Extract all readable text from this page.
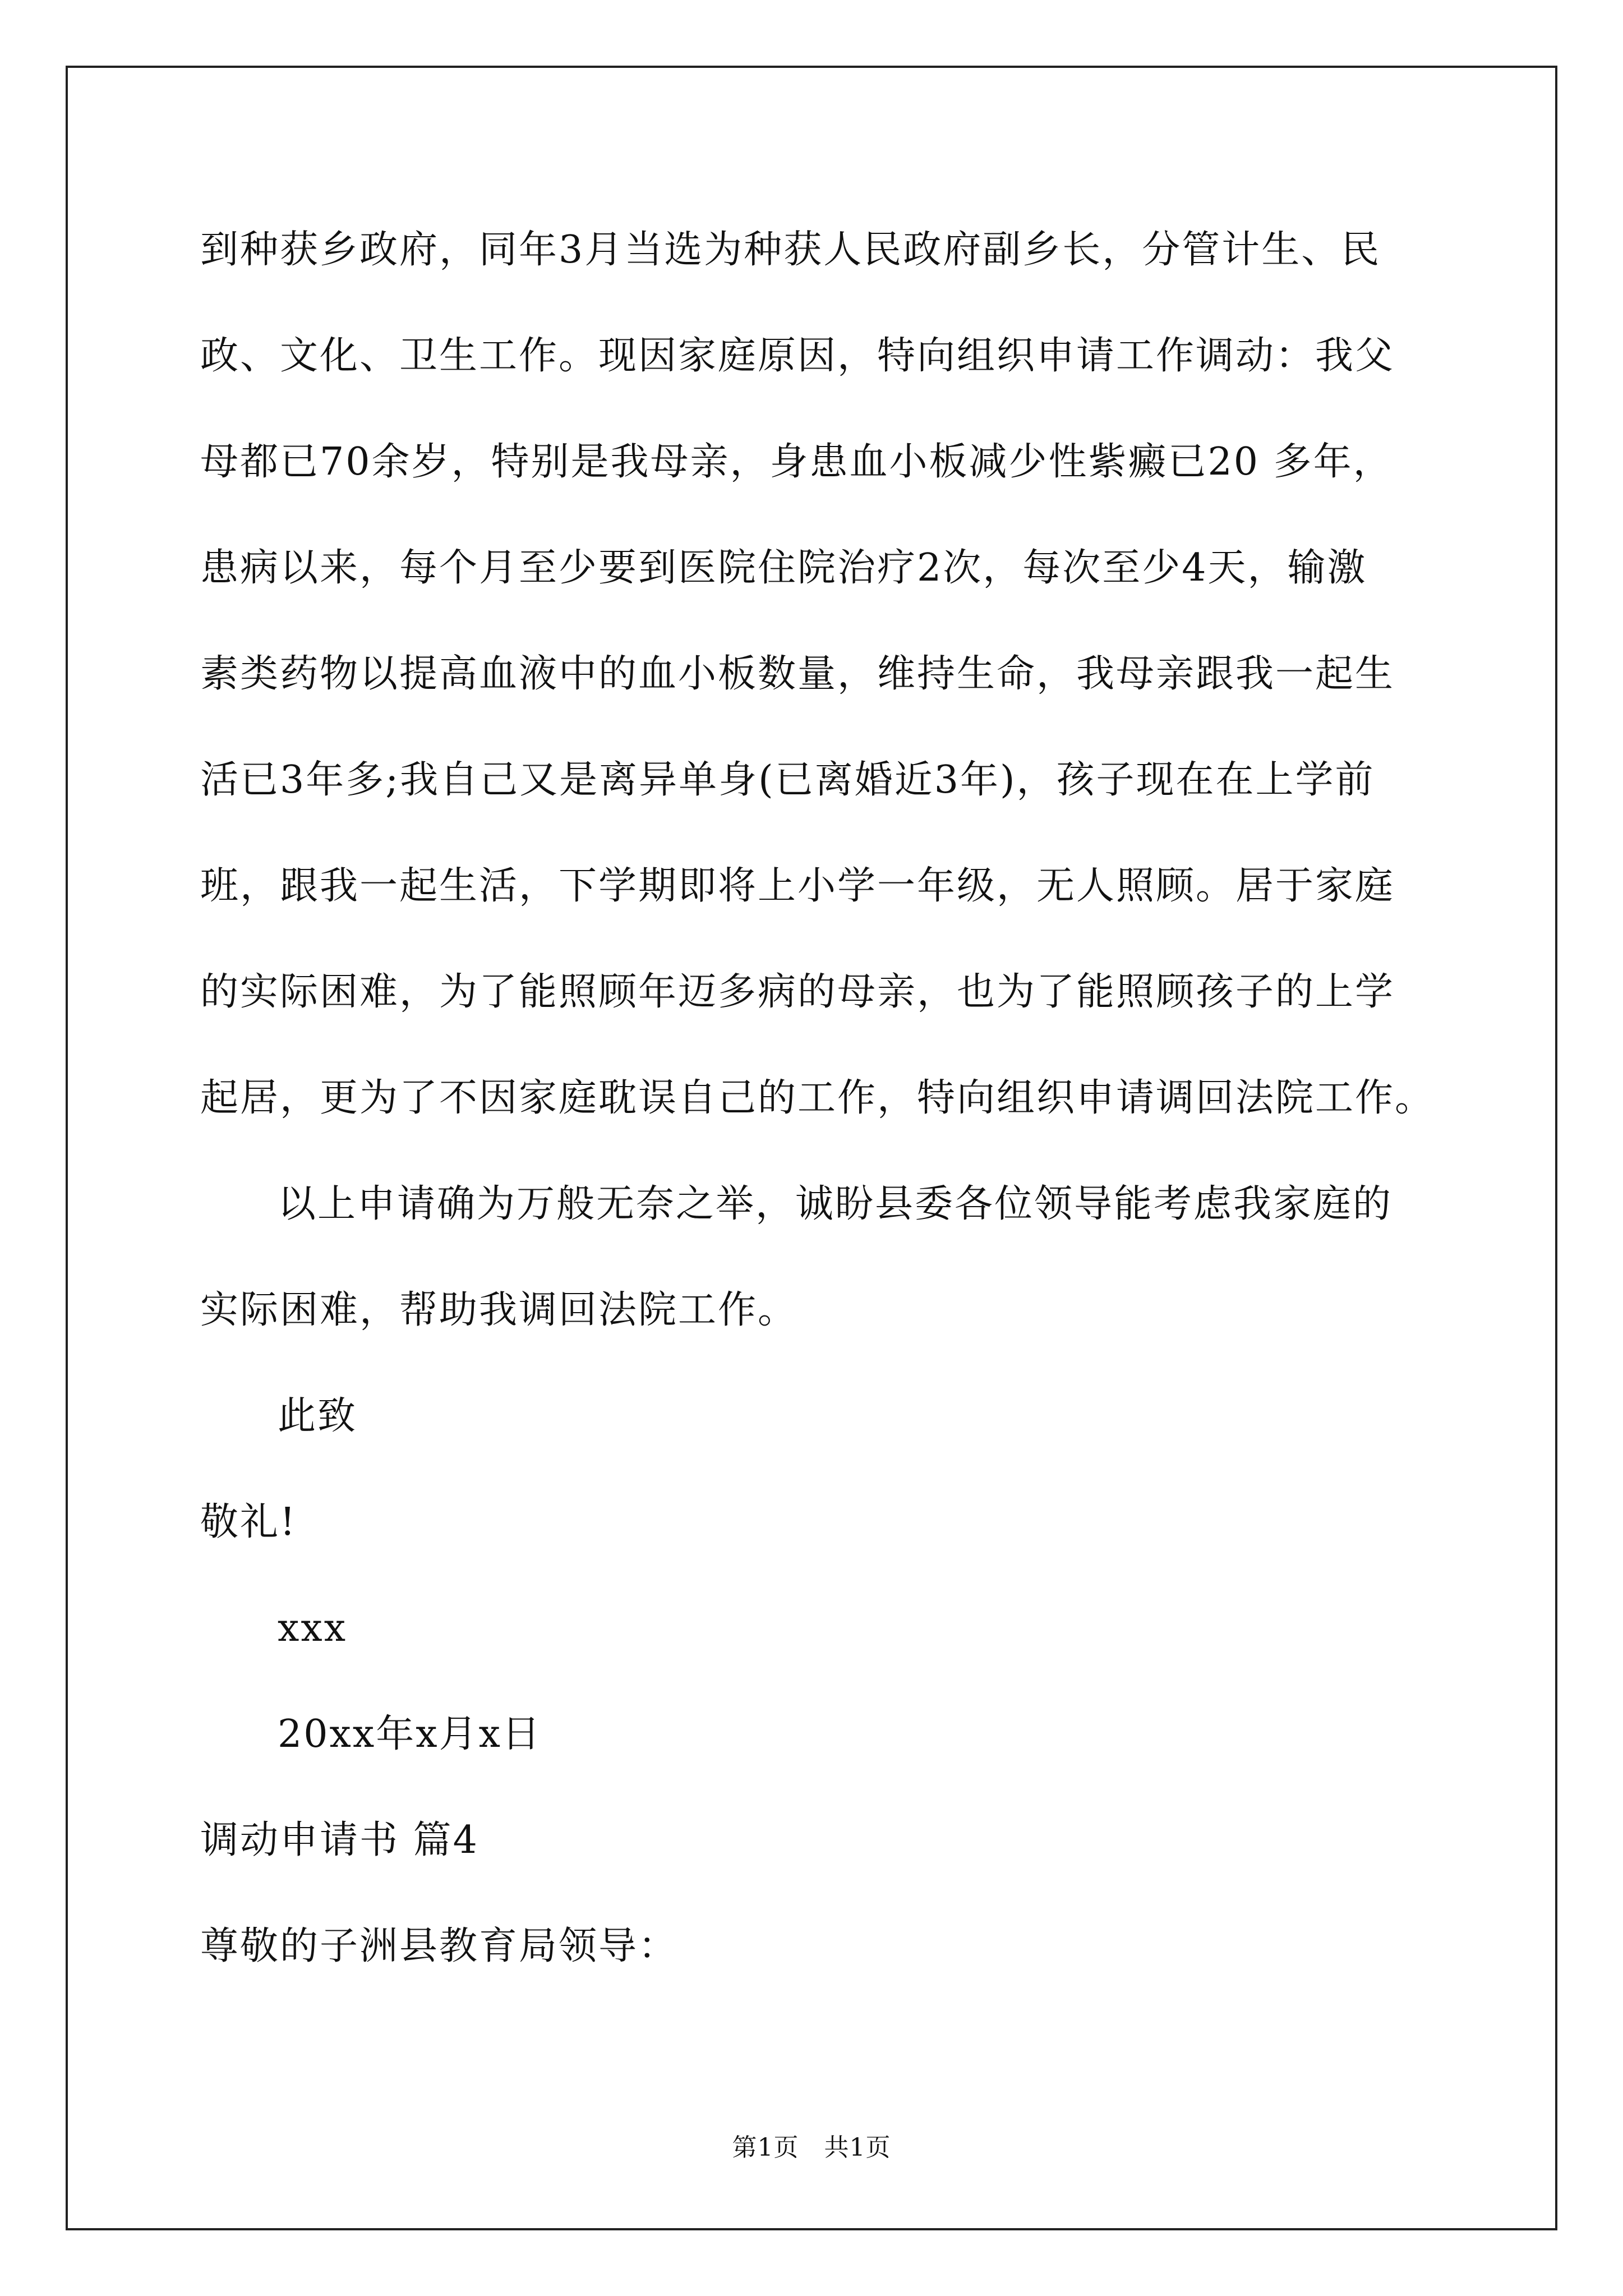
到种获乡政府，同年3月当选为种获人民政府副乡长，分管计生、民
政、文化、卫生工作。现因家庭原因，特向组织申请工作调动：我父
母都已70余岁，特别是我母亲，身患血小板减少性紫癜已20 多年，
患病以来，每个月至少要到医院住院治疗2次，每次至少4天，输激
素类药物以提高血液中的血小板数量，维持生命，我母亲跟我一起生
活已3年多;我自己又是离异单身(已离婚近3年)，孩子现在在上学前
班，跟我一起生活，下学期即将上小学一年级，无人照顾。居于家庭
的实际困难，为了能照顾年迈多病的母亲，也为了能照顾孩子的上学
起居，更为了不因家庭耽误自己的工作，特向组织申请调回法院工作。
以上申请确为万般无奈之举，诚盼县委各位领导能考虑我家庭的
实际困难，帮助我调回法院工作。
此致
敬礼!
xxx
20xx年x月x日
调动申请书 篇4
尊敬的子洲县教育局领导：
第1页　共1页
